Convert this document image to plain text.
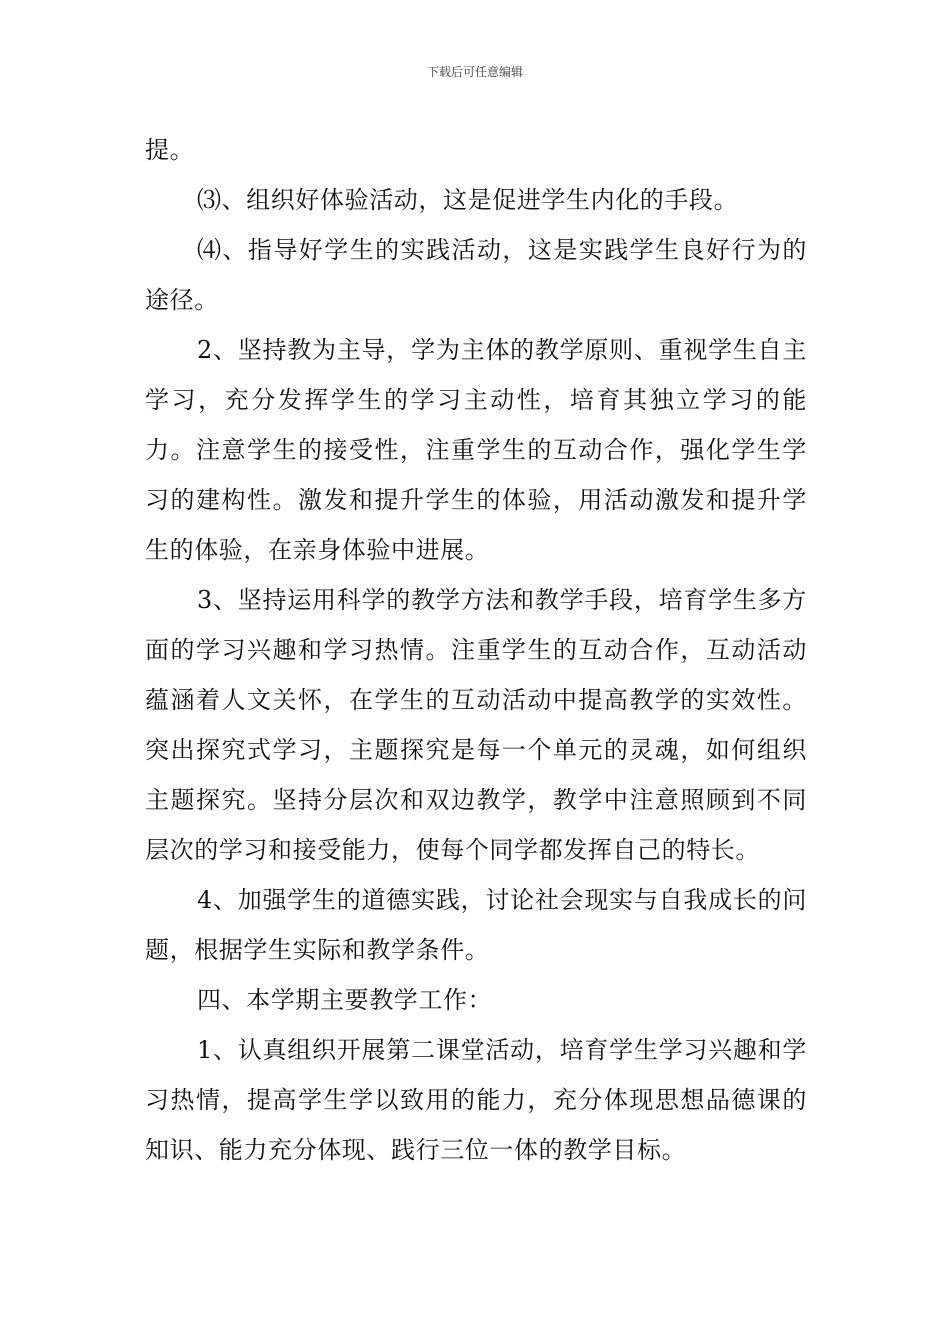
下载后可任意编辑

提。

⑶、组织好体验活动，这是促进学生内化的手段。

⑷、指导好学生的实践活动，这是实践学生良好行为的途径。

2、坚持教为主导，学为主体的教学原则、重视学生自主学习，充分发挥学生的学习主动性，培育其独立学习的能力。注意学生的接受性，注重学生的互动合作，强化学生学习的建构性。激发和提升学生的体验，用活动激发和提升学生的体验，在亲身体验中进展。

3、坚持运用科学的教学方法和教学手段，培育学生多方面的学习兴趣和学习热情。注重学生的互动合作，互动活动蕴涵着人文关怀，在学生的互动活动中提高教学的实效性。突出探究式学习，主题探究是每一个单元的灵魂，如何组织主题探究。坚持分层次和双边教学，教学中注意照顾到不同层次的学习和接受能力，使每个同学都发挥自己的特长。

4、加强学生的道德实践，讨论社会现实与自我成长的问题，根据学生实际和教学条件。

四、本学期主要教学工作：

1、认真组织开展第二课堂活动，培育学生学习兴趣和学习热情，提高学生学以致用的能力，充分体现思想品德课的知识、能力充分体现、践行三位一体的教学目标。
